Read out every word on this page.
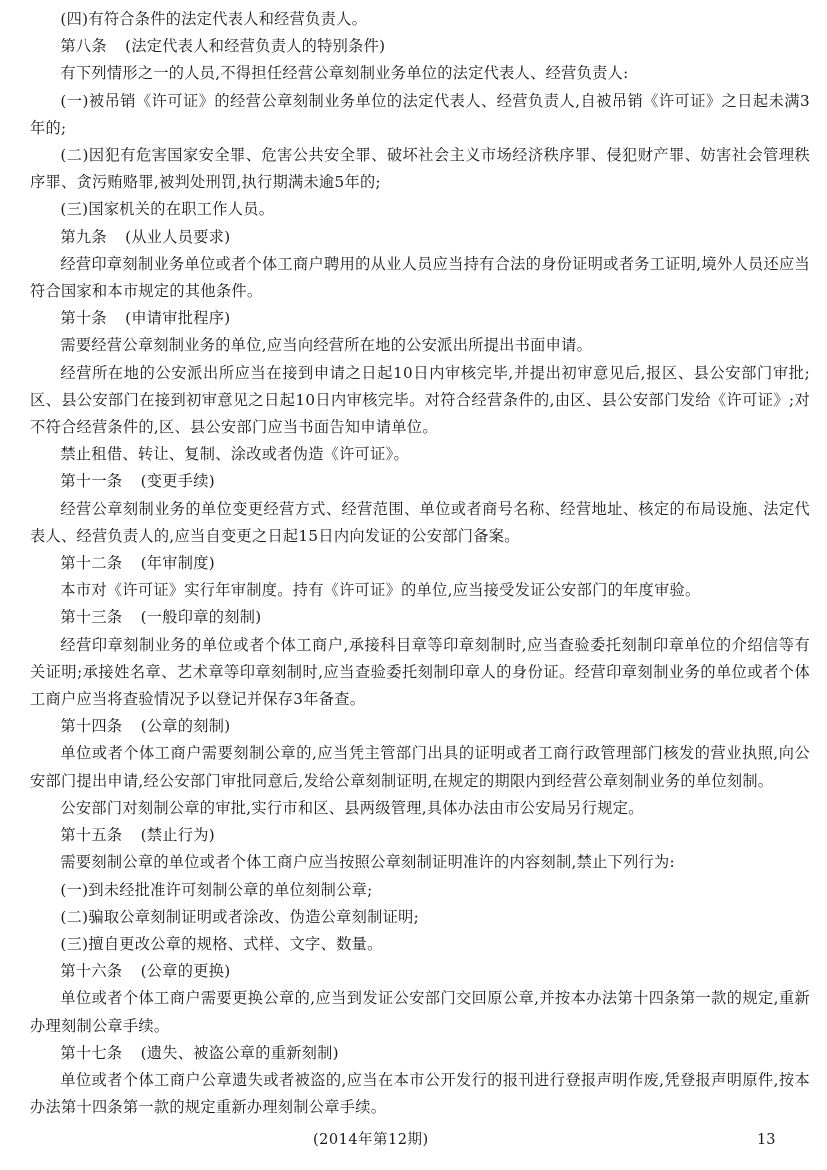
(四)有符合条件的法定代表人和经营负责人。

第八条 (法定代表人和经营负责人的特别条件)

有下列情形之一的人员,不得担任经营公章刻制业务单位的法定代表人、经营负责人:

(一)被吊销《许可证》的经营公章刻制业务单位的法定代表人、经营负责人,自被吊销《许可证》之日起未满3年的;

(二)因犯有危害国家安全罪、危害公共安全罪、破坏社会主义市场经济秩序罪、侵犯财产罪、妨害社会管理秩序罪、贪污贿赂罪,被判处刑罚,执行期满未逾5年的;

(三)国家机关的在职工作人员。

第九条 (从业人员要求)

经营印章刻制业务单位或者个体工商户聘用的从业人员应当持有合法的身份证明或者务工证明,境外人员还应当符合国家和本市规定的其他条件。

第十条 (申请审批程序)

需要经营公章刻制业务的单位,应当向经营所在地的公安派出所提出书面申请。

经营所在地的公安派出所应当在接到申请之日起10日内审核完毕,并提出初审意见后,报区、县公安部门审批;区、县公安部门在接到初审意见之日起10日内审核完毕。对符合经营条件的,由区、县公安部门发给《许可证》;对不符合经营条件的,区、县公安部门应当书面告知申请单位。

禁止租借、转让、复制、涂改或者伪造《许可证》。

第十一条 (变更手续)

经营公章刻制业务的单位变更经营方式、经营范围、单位或者商号名称、经营地址、核定的布局设施、法定代表人、经营负责人的,应当自变更之日起15日内向发证的公安部门备案。

第十二条 (年审制度)

本市对《许可证》实行年审制度。持有《许可证》的单位,应当接受发证公安部门的年度审验。

第十三条 (一般印章的刻制)

经营印章刻制业务的单位或者个体工商户,承接科目章等印章刻制时,应当查验委托刻制印章单位的介绍信等有关证明;承接姓名章、艺术章等印章刻制时,应当查验委托刻制印章人的身份证。经营印章刻制业务的单位或者个体工商户应当将查验情况予以登记并保存3年备查。

第十四条 (公章的刻制)

单位或者个体工商户需要刻制公章的,应当凭主管部门出具的证明或者工商行政管理部门核发的营业执照,向公安部门提出申请,经公安部门审批同意后,发给公章刻制证明,在规定的期限内到经营公章刻制业务的单位刻制。

公安部门对刻制公章的审批,实行市和区、县两级管理,具体办法由市公安局另行规定。

第十五条 (禁止行为)

需要刻制公章的单位或者个体工商户应当按照公章刻制证明准许的内容刻制,禁止下列行为:

(一)到未经批准许可刻制公章的单位刻制公章;

(二)骗取公章刻制证明或者涂改、伪造公章刻制证明;

(三)擅自更改公章的规格、式样、文字、数量。

第十六条 (公章的更换)

单位或者个体工商户需要更换公章的,应当到发证公安部门交回原公章,并按本办法第十四条第一款的规定,重新办理刻制公章手续。

第十七条 (遗失、被盗公章的重新刻制)

单位或者个体工商户公章遗失或者被盗的,应当在本市公开发行的报刊进行登报声明作废,凭登报声明原件,按本办法第十四条第一款的规定重新办理刻制公章手续。

(2014年第12期)	13
